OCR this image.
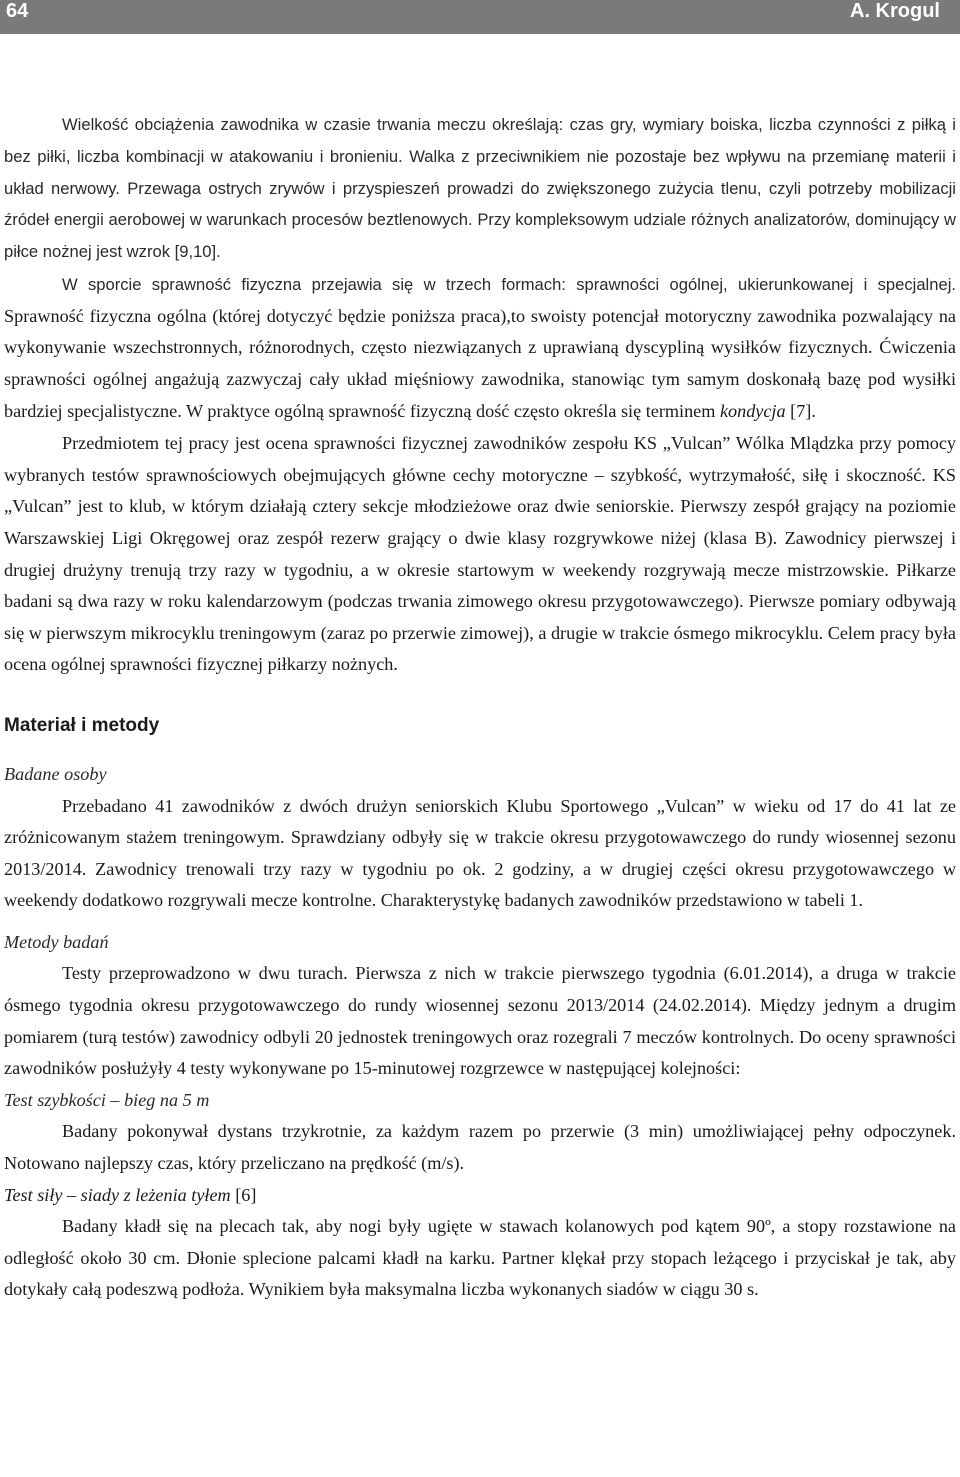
64	A. Krogul

Wielkość obciążenia zawodnika w czasie trwania meczu określają: czas gry, wymiary boiska, liczba czynności z piłką i bez piłki, liczba kombinacji w atakowaniu i bronieniu. Walka z przeciwnikiem nie pozostaje bez wpływu na przemianę materii i układ nerwowy. Przewaga ostrych zrywów i przyspieszeń prowadzi do zwiększonego zużycia tlenu, czyli potrzeby mobilizacji źródeł energii aerobowej w warunkach procesów beztlenowych. Przy kompleksowym udziale różnych analizatorów, dominujący w piłce nożnej jest wzrok [9,10].

W sporcie sprawność fizyczna przejawia się w trzech formach: sprawności ogólnej, ukierunkowanej i specjalnej. Sprawność fizyczna ogólna (której dotyczyć będzie poniższa praca),to swoisty potencjał motoryczny zawodnika pozwalający na wykonywanie wszechstronnych, różnorodnych, często niezwiązanych z uprawianą dyscypliną wysiłków fizycznych. Ćwiczenia sprawności ogólnej angażują zazwyczaj cały układ mięśniowy zawodnika, stanowiąc tym samym doskonałą bazę pod wysiłki bardziej specjalistyczne. W praktyce ogólną sprawność fizyczną dość często określa się terminem kondycja [7].

Przedmiotem tej pracy jest ocena sprawności fizycznej zawodników zespołu KS „Vulcan” Wólka Mlądzka przy pomocy wybranych testów sprawnościowych obejmujących główne cechy motoryczne – szybkość, wytrzymałość, siłę i skoczność. KS „Vulcan” jest to klub, w którym działają cztery sekcje młodzieżowe oraz dwie seniorskie. Pierwszy zespół grający na poziomie Warszawskiej Ligi Okręgowej oraz zespół rezerw grający o dwie klasy rozgrywkowe niżej (klasa B). Zawodnicy pierwszej i drugiej drużyny trenują trzy razy w tygodniu, a w okresie startowym w weekendy rozgrywają mecze mistrzowskie. Piłkarze badani są dwa razy w roku kalendarzowym (podczas trwania zimowego okresu przygotowawczego). Pierwsze pomiary odbywają się w pierwszym mikrocyklu treningowym (zaraz po przerwie zimowej), a drugie w trakcie ósmego mikrocyklu. Celem pracy była ocena ogólnej sprawności fizycznej piłkarzy nożnych.

Materiał i metody
Badane osoby

Przebadano 41 zawodników z dwóch drużyn seniorskich Klubu Sportowego „Vulcan” w wieku od 17 do 41 lat ze zróżnicowanym stażem treningowym. Sprawdziany odbyły się w trakcie okresu przygotowawczego do rundy wiosennej sezonu 2013/2014. Zawodnicy trenowali trzy razy w tygodniu po ok. 2 godziny, a w drugiej części okresu przygotowawczego w weekendy dodatkowo rozgrywali mecze kontrolne. Charakterystykę badanych zawodników przedstawiono w tabeli 1.

Metody badań

Testy przeprowadzono w dwu turach. Pierwsza z nich w trakcie pierwszego tygodnia (6.01.2014), a druga w trakcie ósmego tygodnia okresu przygotowawczego do rundy wiosennej sezonu 2013/2014 (24.02.2014). Między jednym a drugim pomiarem (turą testów) zawodnicy odbyli 20 jednostek treningowych oraz rozegrali 7 meczów kontrolnych. Do oceny sprawności zawodników posłużyły 4 testy wykonywane po 15-minutowej rozgrzewce w następującej kolejności:

Test szybkości – bieg na 5 m

Badany pokonywał dystans trzykrotnie, za każdym razem po przerwie (3 min) umożliwiającej pełny odpoczynek. Notowano najlepszy czas, który przeliczano na prędkość (m/s).

Test siły – siady z leżenia tyłem [6]

Badany kładł się na plecach tak, aby nogi były ugięte w stawach kolanowych pod kątem 90º, a stopy rozstawione na odległość około 30 cm. Dłonie splecione palcami kładł na karku. Partner klękał przy stopach leżącego i przyciskał je tak, aby dotykały całą podeszwą podłoża. Wynikiem była maksymalna liczba wykonanych siadów w ciągu 30 s.
